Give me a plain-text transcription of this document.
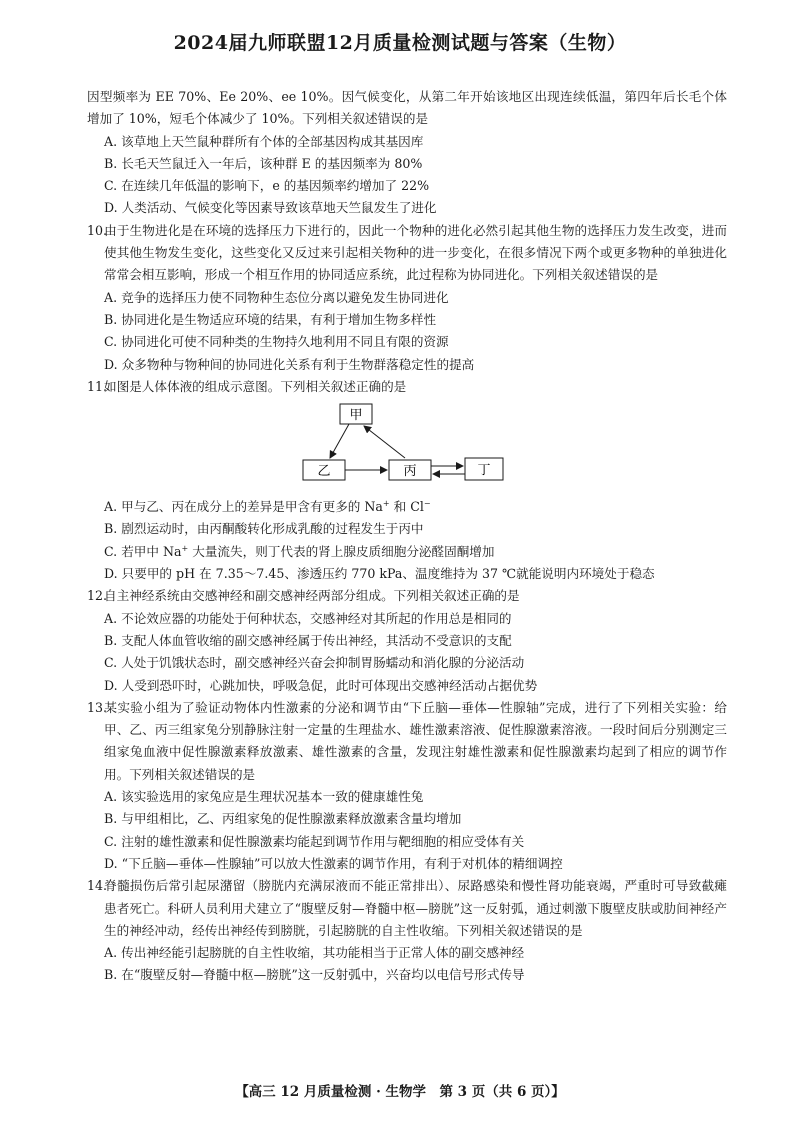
2024届九师联盟12月质量检测试题与答案（生物）

因型频率为 EE 70%、Ee 20%、ee 10%。因气候变化，从第二年开始该地区出现连续低温，第四年后长毛个体增加了 10%，短毛个体减少了 10%。下列相关叙述错误的是

A. 该草地上天竺鼠种群所有个体的全部基因构成其基因库

B. 长毛天竺鼠迁入一年后，该种群 E 的基因频率为 80%

C. 在连续几年低温的影响下，e 的基因频率约增加了 22%

D. 人类活动、气候变化等因素导致该草地天竺鼠发生了进化

10.由于生物进化是在环境的选择压力下进行的，因此一个物种的进化必然引起其他生物的选择压力发生改变，进而使其他生物发生变化，这些变化又反过来引起相关物种的进一步变化，在很多情况下两个或更多物种的单独进化常常会相互影响，形成一个相互作用的协同适应系统，此过程称为协同进化。下列相关叙述错误的是

A. 竞争的选择压力使不同物种生态位分离以避免发生协同进化

B. 协同进化是生物适应环境的结果，有利于增加生物多样性

C. 协同进化可使不同种类的生物持久地利用不同且有限的资源

D. 众多物种与物种间的协同进化关系有利于生物群落稳定性的提高

11.如图是人体体液的组成示意图。下列相关叙述正确的是

甲
乙	丙	丁

A. 甲与乙、丙在成分上的差异是甲含有更多的 Na+ 和 Cl−

B. 剧烈运动时，由丙酮酸转化形成乳酸的过程发生于丙中

C. 若甲中 Na+ 大量流失，则丁代表的肾上腺皮质细胞分泌醛固酮增加

D. 只要甲的 pH 在 7.35～7.45、渗透压约 770 kPa、温度维持为 37 ℃就能说明内环境处于稳态

12.自主神经系统由交感神经和副交感神经两部分组成。下列相关叙述正确的是

A. 不论效应器的功能处于何种状态，交感神经对其所起的作用总是相同的

B. 支配人体血管收缩的副交感神经属于传出神经，其活动不受意识的支配

C. 人处于饥饿状态时，副交感神经兴奋会抑制胃肠蠕动和消化腺的分泌活动

D. 人受到恐吓时，心跳加快，呼吸急促，此时可体现出交感神经活动占据优势

13.某实验小组为了验证动物体内性激素的分泌和调节由“下丘脑—垂体—性腺轴”完成，进行了下列相关实验：给甲、乙、丙三组家兔分别静脉注射一定量的生理盐水、雄性激素溶液、促性腺激素溶液。一段时间后分别测定三组家兔血液中促性腺激素释放激素、雄性激素的含量，发现注射雄性激素和促性腺激素均起到了相应的调节作用。下列相关叙述错误的是

A. 该实验选用的家兔应是生理状况基本一致的健康雄性兔

B. 与甲组相比，乙、丙组家兔的促性腺激素释放激素含量均增加

C. 注射的雄性激素和促性腺激素均能起到调节作用与靶细胞的相应受体有关

D. “下丘脑—垂体—性腺轴”可以放大性激素的调节作用，有利于对机体的精细调控

14.脊髓损伤后常引起尿潴留（膀胱内充满尿液而不能正常排出）、尿路感染和慢性肾功能衰竭，严重时可导致截瘫患者死亡。科研人员利用犬建立了“腹壁反射—脊髓中枢—膀胱”这一反射弧，通过刺激下腹壁皮肤或肋间神经产生的神经冲动，经传出神经传到膀胱，引起膀胱的自主性收缩。下列相关叙述错误的是

A. 传出神经能引起膀胱的自主性收缩，其功能相当于正常人体的副交感神经

B. 在“腹壁反射—脊髓中枢—膀胱”这一反射弧中，兴奋均以电信号形式传导

【高三 12 月质量检测 · 生物学　第 3 页（共 6 页）】
